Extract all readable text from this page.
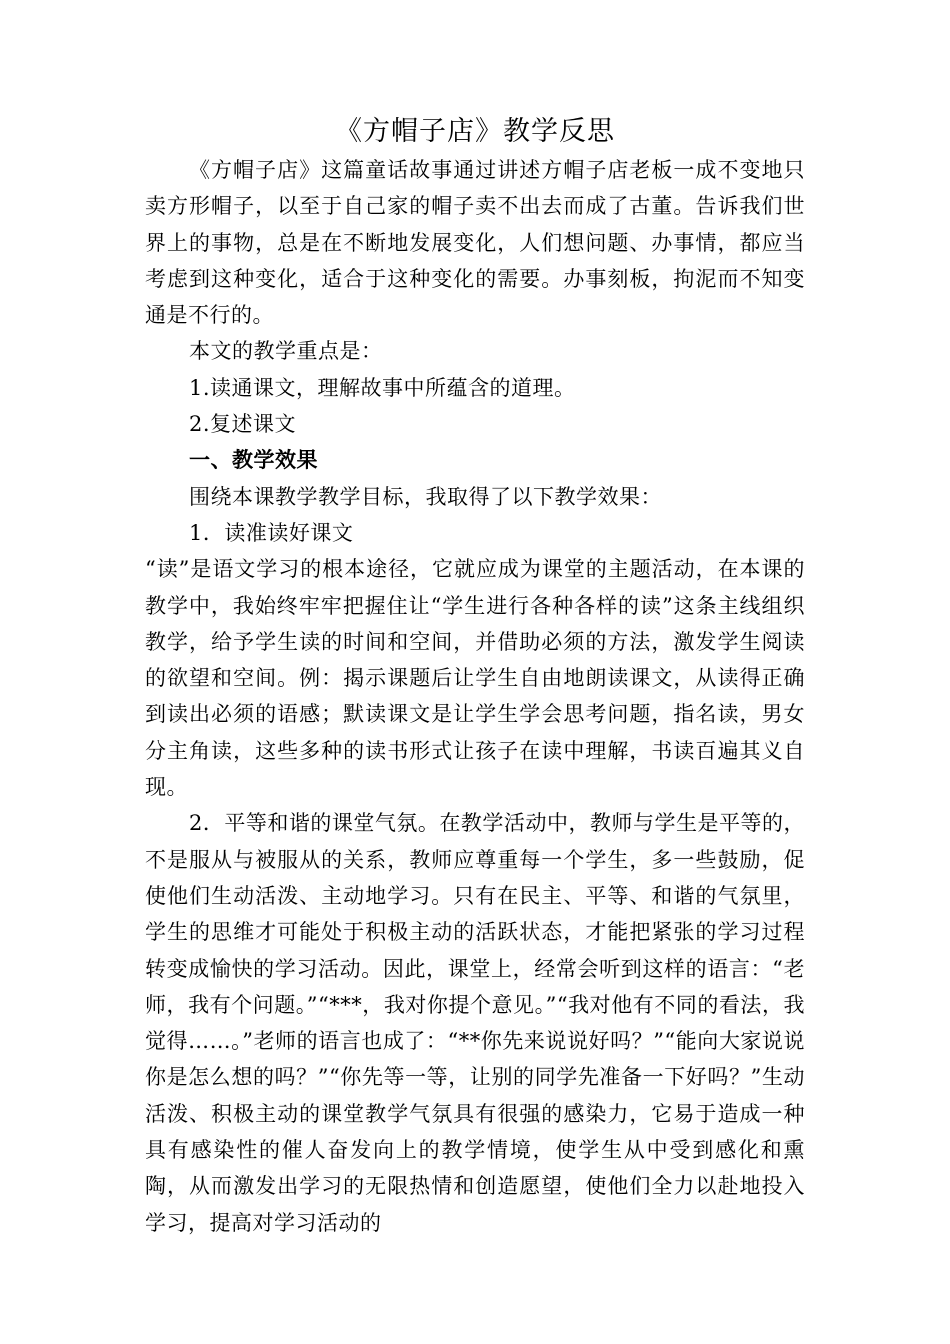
《方帽子店》教学反思

《方帽子店》这篇童话故事通过讲述方帽子店老板一成不变地只卖方形帽子，以至于自己家的帽子卖不出去而成了古董。告诉我们世界上的事物，总是在不断地发展变化，人们想问题、办事情，都应当考虑到这种变化，适合于这种变化的需要。办事刻板，拘泥而不知变通是不行的。

本文的教学重点是：

1.读通课文，理解故事中所蕴含的道理。

2.复述课文

一、教学效果

围绕本课教学教学目标，我取得了以下教学效果：

1．读准读好课文

“读”是语文学习的根本途径，它就应成为课堂的主题活动，在本课的教学中，我始终牢牢把握住让“学生进行各种各样的读”这条主线组织教学，给予学生读的时间和空间，并借助必须的方法，激发学生阅读的欲望和空间。例：揭示课题后让学生自由地朗读课文，从读得正确到读出必须的语感；默读课文是让学生学会思考问题，指名读，男女分主角读，这些多种的读书形式让孩子在读中理解，书读百遍其义自现。

2．平等和谐的课堂气氛。在教学活动中，教师与学生是平等的，不是服从与被服从的关系，教师应尊重每一个学生，多一些鼓励，促使他们生动活泼、主动地学习。只有在民主、平等、和谐的气氛里，学生的思维才可能处于积极主动的活跃状态，才能把紧张的学习过程转变成愉快的学习活动。因此，课堂上，经常会听到这样的语言：“老师，我有个问题。”“***，我对你提个意见。”“我对他有不同的看法，我觉得……。”老师的语言也成了：“**你先来说说好吗？”“能向大家说说你是怎么想的吗？”“你先等一等，让别的同学先准备一下好吗？”生动活泼、积极主动的课堂教学气氛具有很强的感染力，它易于造成一种具有感染性的催人奋发向上的教学情境，使学生从中受到感化和熏陶，从而激发出学习的无限热情和创造愿望，使他们全力以赴地投入学习，提高对学习活动的
